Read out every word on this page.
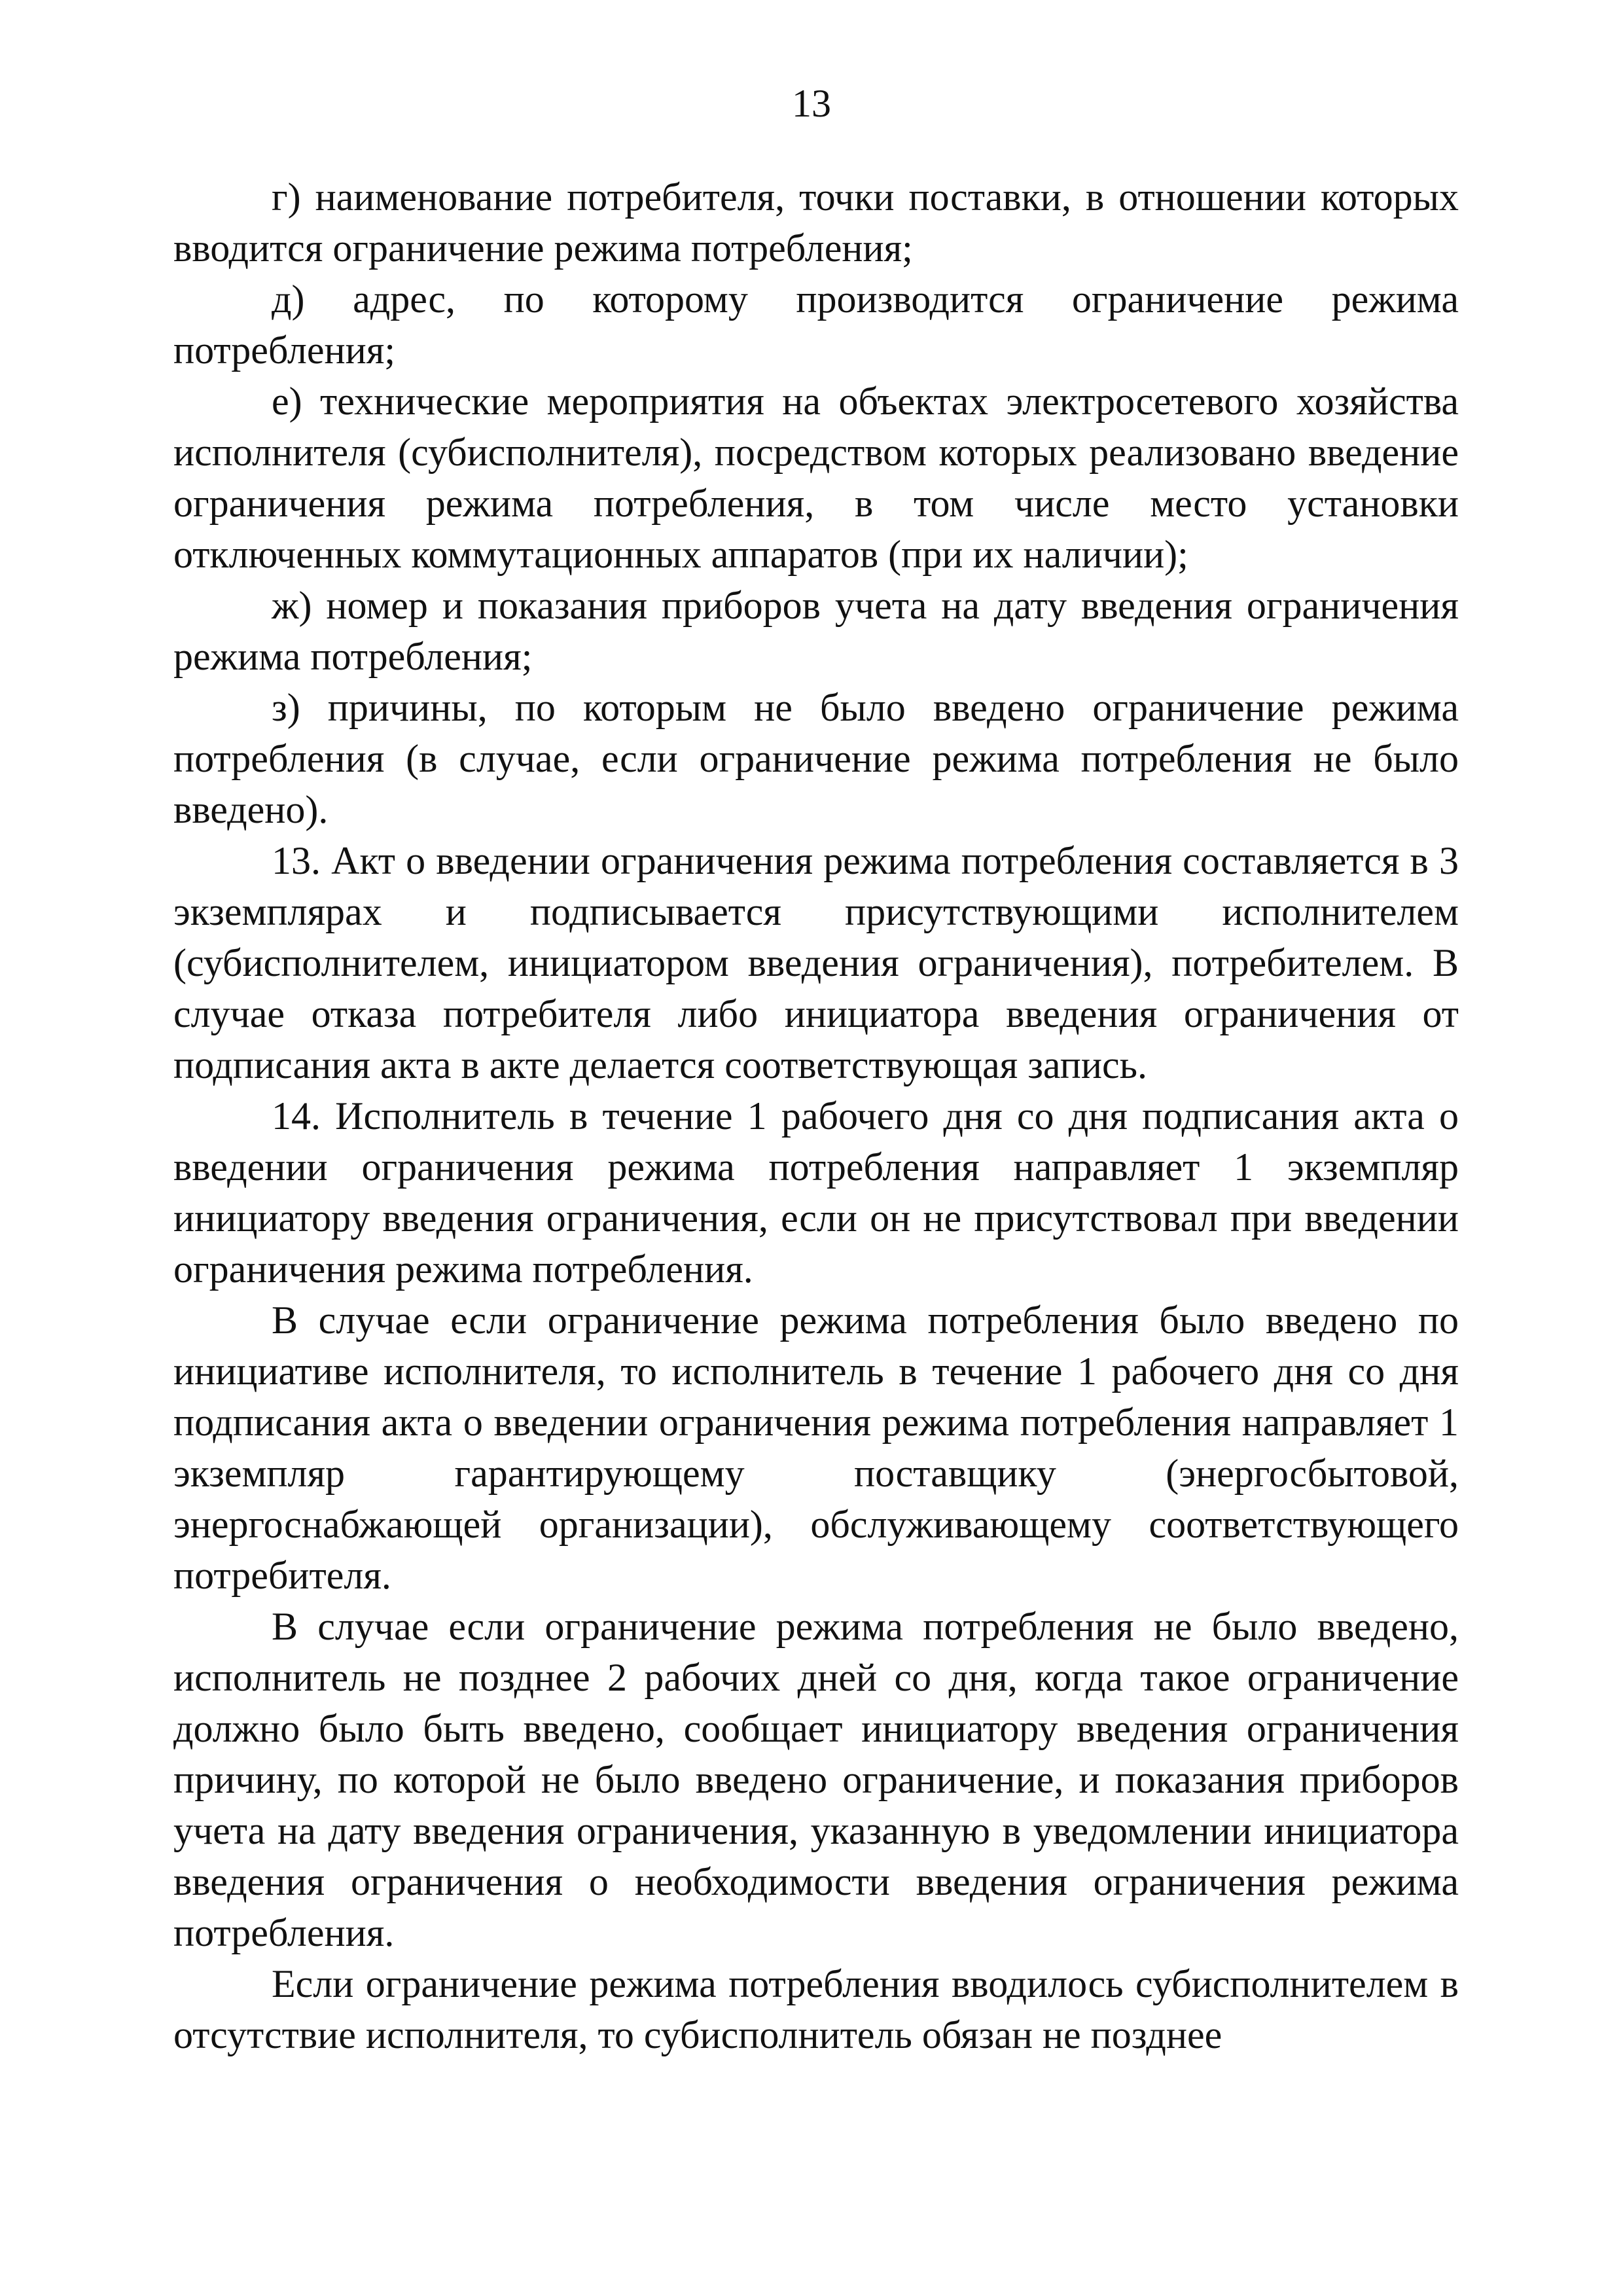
13

г) наименование потребителя, точки поставки, в отношении которых вводится ограничение режима потребления;

д) адрес, по которому производится ограничение режима потребления;

е) технические мероприятия на объектах электросетевого хозяйства исполнителя (субисполнителя), посредством которых реализовано введение ограничения режима потребления, в том числе место установки отключенных коммутационных аппаратов (при их наличии);

ж) номер и показания приборов учета на дату введения ограничения режима потребления;

з) причины, по которым не было введено ограничение режима потребления (в случае, если ограничение режима потребления не было введено).

13. Акт о введении ограничения режима потребления составляется в 3 экземплярах и подписывается присутствующими исполнителем (субисполнителем, инициатором введения ограничения), потребителем. В случае отказа потребителя либо инициатора введения ограничения от подписания акта в акте делается соответствующая запись.

14. Исполнитель в течение 1 рабочего дня со дня подписания акта о введении ограничения режима потребления направляет 1 экземпляр инициатору введения ограничения, если он не присутствовал при введении ограничения режима потребления.

В случае если ограничение режима потребления было введено по инициативе исполнителя, то исполнитель в течение 1 рабочего дня со дня подписания акта о введении ограничения режима потребления направляет 1 экземпляр гарантирующему поставщику (энергосбытовой, энергоснабжающей организации), обслуживающему соответствующего потребителя.

В случае если ограничение режима потребления не было введено, исполнитель не позднее 2 рабочих дней со дня, когда такое ограничение должно было быть введено, сообщает инициатору введения ограничения причину, по которой не было введено ограничение, и показания приборов учета на дату введения ограничения, указанную в уведомлении инициатора введения ограничения о необходимости введения ограничения режима потребления.

Если ограничение режима потребления вводилось субисполнителем в отсутствие исполнителя, то субисполнитель обязан не позднее
